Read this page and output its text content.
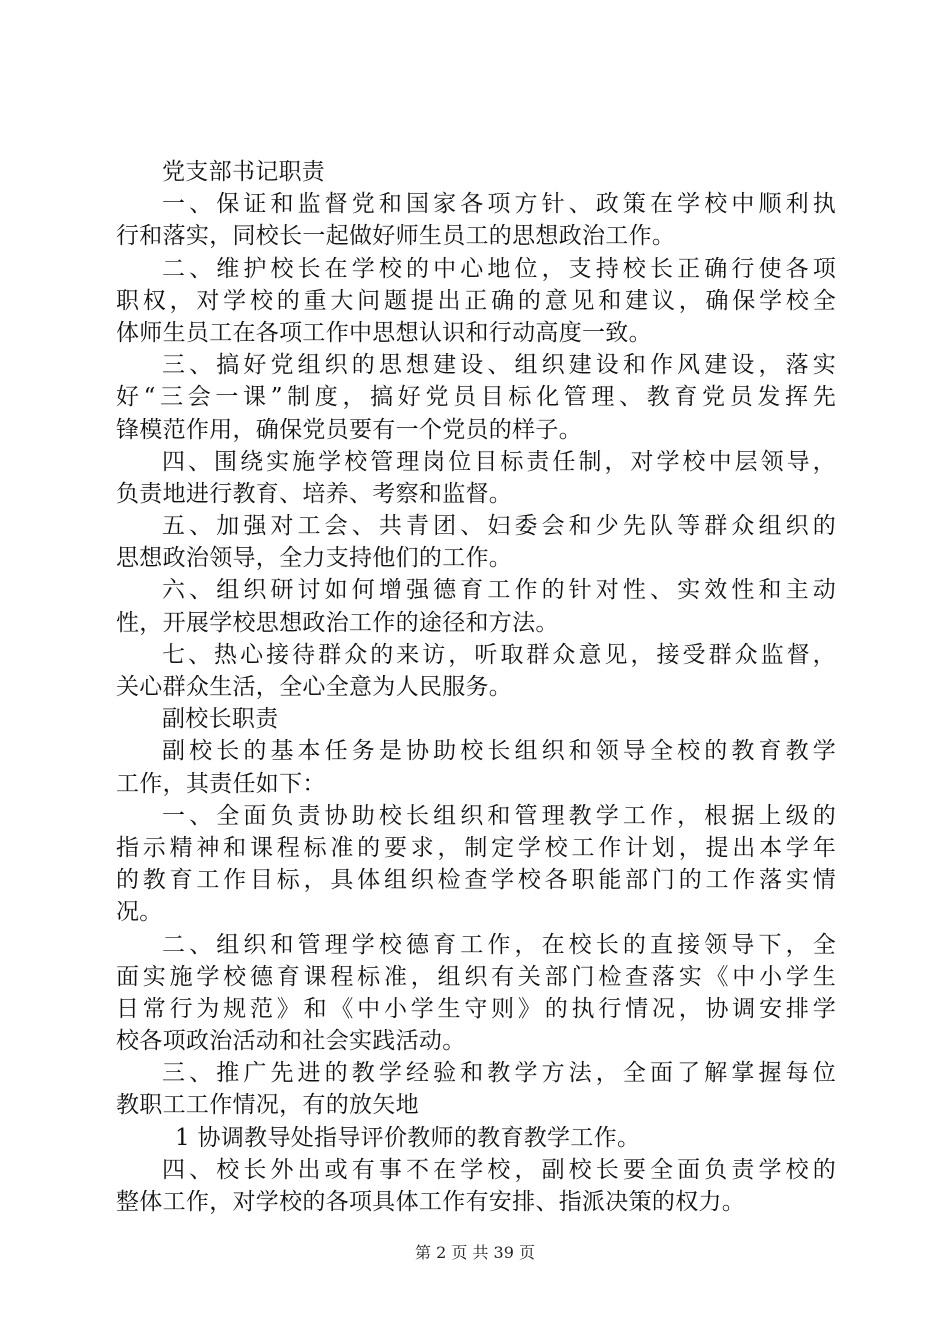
党支部书记职责
一、保证和监督党和国家各项方针、政策在学校中顺利执
行和落实，同校长一起做好师生员工的思想政治工作。
二、维护校长在学校的中心地位，支持校长正确行使各项
职权，对学校的重大问题提出正确的意见和建议，确保学校全
体师生员工在各项工作中思想认识和行动高度一致。
三、搞好党组织的思想建设、组织建设和作风建设，落实
好“三会一课”制度，搞好党员目标化管理、教育党员发挥先
锋模范作用，确保党员要有一个党员的样子。
四、围绕实施学校管理岗位目标责任制，对学校中层领导，
负责地进行教育、培养、考察和监督。
五、加强对工会、共青团、妇委会和少先队等群众组织的
思想政治领导，全力支持他们的工作。
六、组织研讨如何增强德育工作的针对性、实效性和主动
性，开展学校思想政治工作的途径和方法。
七、热心接待群众的来访，听取群众意见，接受群众监督，
关心群众生活，全心全意为人民服务。
副校长职责
副校长的基本任务是协助校长组织和领导全校的教育教学
工作，其责任如下：
一、全面负责协助校长组织和管理教学工作，根据上级的
指示精神和课程标准的要求，制定学校工作计划，提出本学年
的教育工作目标，具体组织检查学校各职能部门的工作落实情
况。
二、组织和管理学校德育工作，在校长的直接领导下，全
面实施学校德育课程标准，组织有关部门检查落实《中小学生
日常行为规范》和《中小学生守则》的执行情况，协调安排学
校各项政治活动和社会实践活动。
三、推广先进的教学经验和教学方法，全面了解掌握每位
教职工工作情况，有的放矢地
1 协调教导处指导评价教师的教育教学工作。
四、校长外出或有事不在学校，副校长要全面负责学校的
整体工作，对学校的各项具体工作有安排、指派决策的权力。
第 2 页 共 39 页
